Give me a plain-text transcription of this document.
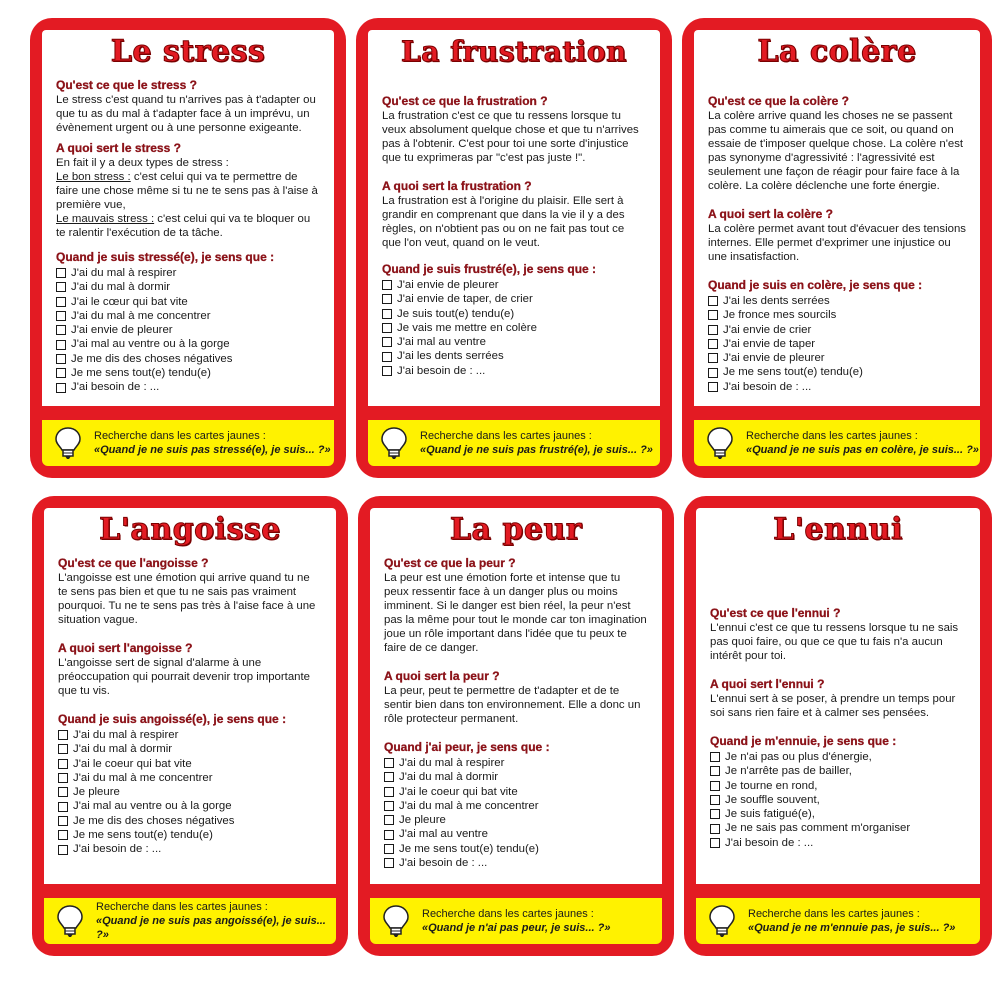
Le stress
Qu'est ce que le stress ?

Le stress c'est quand tu n'arrives pas à t'adapter ou que tu as du mal à t'adapter face à un imprévu, un évènement urgent ou à une personne exigeante.

A quoi sert le stress ?

En fait il y a deux types de stress :

Le bon stress : c'est celui qui va te permettre de faire une chose même si tu ne te sens pas à l'aise à première vue,

Le mauvais stress : c'est celui qui va te bloquer ou te ralentir l'exécution de ta tâche.

Quand je suis stressé(e), je sens que :
J'ai du mal à respirer
J'ai du mal à dormir
J'ai le cœur qui bat vite
J'ai du mal à me concentrer
J'ai envie de pleurer
J'ai mal au ventre ou à la gorge
Je me dis des choses négatives
Je me sens tout(e) tendu(e)
J'ai besoin de : ...
Recherche dans les cartes jaunes :
«Quand je ne suis pas stressé(e), je suis... ?»
La frustration
Qu'est ce que la frustration ?

La frustration c'est ce que tu ressens lorsque tu veux absolument quelque chose et que tu n'arrives pas à l'obtenir. C'est pour toi une sorte d'injustice que tu exprimeras par "c'est pas juste !".

A quoi sert la frustration ?

La frustration est à l'origine du plaisir. Elle sert à grandir en comprenant que dans la vie il y a des règles, on n'obtient pas ou on ne fait pas tout ce que l'on veut, quand on le veut.

Quand je suis frustré(e), je sens que :
J'ai envie de pleurer
J'ai envie de taper, de crier
Je suis tout(e) tendu(e)
Je vais me mettre en colère
J'ai mal au ventre
J'ai les dents serrées
J'ai besoin de : ...
Recherche dans les cartes jaunes :
«Quand je ne suis pas frustré(e), je suis... ?»
La colère
Qu'est ce que la colère ?

La colère arrive quand les choses ne se passent pas comme tu aimerais que ce soit, ou quand on essaie de t'imposer quelque chose. La colère n'est pas synonyme d'agressivité : l'agressivité est seulement une façon de réagir pour faire face à la colère. La colère déclenche une forte énergie.

A quoi sert la colère ?

La colère permet avant tout d'évacuer des tensions internes. Elle permet d'exprimer une injustice ou une insatisfaction.

Quand je suis en colère, je sens que :
J'ai les dents serrées
Je fronce mes sourcils
J'ai envie de crier
J'ai envie de taper
J'ai envie de pleurer
Je me sens tout(e) tendu(e)
J'ai besoin de : ...
Recherche dans les cartes jaunes :
«Quand je ne suis pas en colère, je suis... ?»
L'angoisse
Qu'est ce que l'angoisse ?

L'angoisse est une émotion qui arrive quand tu ne te sens pas bien et que tu ne sais pas vraiment pourquoi. Tu ne te sens pas très à l'aise face à une situation vague.

A quoi sert l'angoisse ?

L'angoisse sert de signal d'alarme à une préoccupation qui pourrait devenir trop importante que tu vis.

Quand je suis angoissé(e), je sens que :
J'ai du mal à respirer
J'ai du mal à dormir
J'ai le coeur qui bat vite
J'ai du mal à me concentrer
Je pleure
J'ai mal au ventre ou à la gorge
Je me dis des choses négatives
Je me sens tout(e) tendu(e)
J'ai besoin de : ...
Recherche dans les cartes jaunes :
«Quand je ne suis pas angoissé(e), je suis... ?»
La peur
Qu'est ce que la peur ?

La peur est une émotion forte et intense que tu peux ressentir face à un danger plus ou moins imminent. Si le danger est bien réel, la peur n'est pas la même pour tout le monde car ton imagination joue un rôle important dans l'idée que tu peux te faire de ce danger.

A quoi sert la peur ?

La peur, peut te permettre de t'adapter et de te sentir bien dans ton environnement. Elle a donc un rôle protecteur permanent.

Quand j'ai peur, je sens que :
J'ai du mal à respirer
J'ai du mal à dormir
J'ai le coeur qui bat vite
J'ai du mal à me concentrer
Je pleure
J'ai mal au ventre
Je me sens tout(e) tendu(e)
J'ai besoin de : ...
Recherche dans les cartes jaunes :
«Quand je n'ai pas peur, je suis... ?»
L'ennui
Qu'est ce que l'ennui ?

L'ennui c'est ce que tu ressens lorsque tu ne sais pas quoi faire, ou que ce que tu fais n'a aucun intérêt pour toi.

A quoi sert l'ennui ?

L'ennui sert à se poser, à prendre un temps pour soi sans rien faire et à calmer ses pensées.

Quand je m'ennuie, je sens que :
Je n'ai pas ou plus d'énergie,
Je n'arrête pas de bailler,
Je tourne en rond,
Je souffle souvent,
Je suis fatigué(e),
Je ne sais pas comment m'organiser
J'ai besoin de : ...
Recherche dans les cartes jaunes :
«Quand je ne m'ennuie pas, je suis... ?»
